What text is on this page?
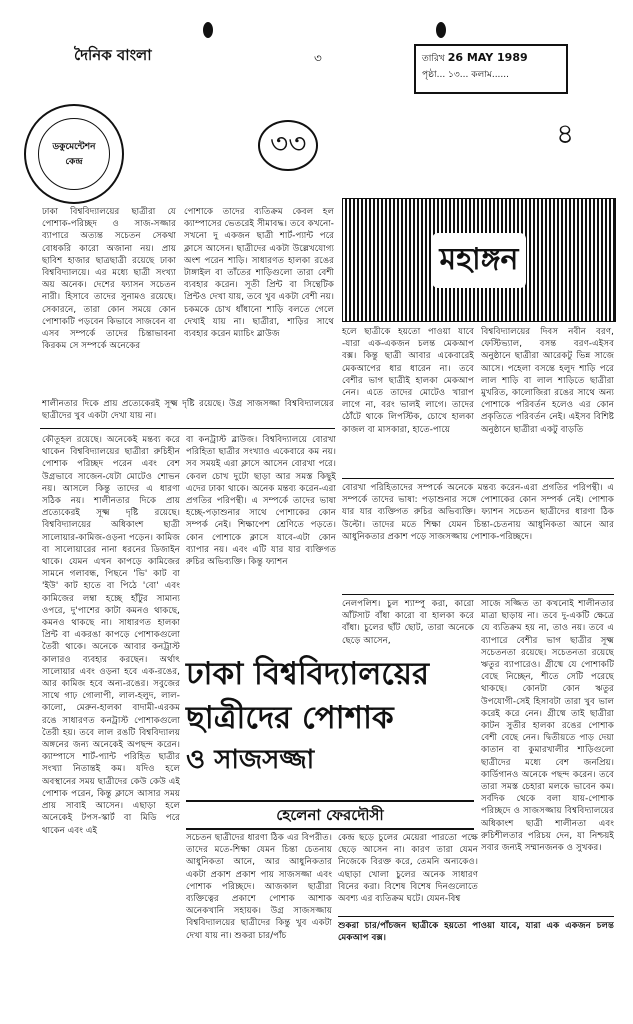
দৈনিক বাংলা	৩	তারিখ 26 MAY 1989
পৃষ্ঠা... ১৩... কলাম......
ডকুমেন্টেশন কেন্দ্র
৩৩	৪
ঢাকা বিশ্ববিদ্যালয়ের ছাত্রীরা যে পোশাক-পরিচ্ছদ ও সাজ-সজ্জার ব্যাপারে অত্যন্ত সচেতন সেকথা বোধকরি কারো অজানা নয়। প্রায় ছাবিশ হাজার ছাত্রছাত্রী রয়েছে ঢাকা বিশ্ববিদ্যালয়ে। এর মধ্যে ছাত্রী সংখ্যা অয় অনেক। দেশের ফ্যাসন সচেতন নারী। হিসাবে তাদের সুনামও রয়েছে। সেকারনে, তারা কোন সময়ে কোন পোশাকটি পড়বেন কিভাবে সাজবেন বা এসব সম্পর্কে তাদের চিন্তাভাবনা কিরকম সে সম্পর্কে অনেকের
পোশাকে তাদের ব্যতিক্রম কেবল হল ক্যাম্পাসের ভেতরেই সীমাবদ্ধ। তবে কখনো-সখনো দু একজন ছাত্রী শার্ট-প্যান্ট পরে ক্লাসে আসেন। ছাত্রীদের একটা উল্লেখযোগ্য অংশ পরেন শাড়ি। সাধারণত হালকা রঙের টাঙ্গাইল বা তাঁতের শাড়িগুলো তারা বেশী ব্যবহার করেন। সূতী প্রিন্ট বা সিন্থেটিক প্রিন্টও দেখা যায়, তবে খুব একটা বেশী নয়। চকমকে চোখ ধাঁধানো শাড়ি বলতে গেলে দেখাই যায় না। ছাত্রীরা, শাড়ির সাথে ব্যবহার করেন ম্যাচিং ব্লাউজ
শালীনতার দিকে প্রায় প্রত্যেকেরই সূক্ষ্ম দৃষ্টি রয়েছে। উগ্র সাজসজ্জা বিশ্ববিদ্যালয়ের ছাত্রীদের খুব একটা দেখা যায় না।
মহাঙ্গন
হলে ছাত্রীকে হয়তো পাওয়া যাবে -যারা এক-একজন চলন্ত মেকআপ বক্স। কিন্তু ছাত্রী আবার একেবারেই মেকআপের ধার ধারেন না। তবে বেশীর ভাগ ছাত্রীই হালকা মেকআপ নেন। এতে তাদের মোটেও খারাপ লাগে না, বরং ভালই লাগে। তাদের ঠোঁটে থাকে লিপস্টিক, চোখে হালকা কাজল বা মাসকারা, হাতে-পায়ে
বিশ্ববিদ্যালয়ের দিবস নবীন বরণ, ফেস্টিভ্যাল, বসন্ত বরণ-এইসব অনুষ্ঠানে ছাত্রীরা আরেকটু ভিন্ন সাজে আসে। পহেলা বসন্তে হলুদ শাড়ি পরে লাল শাড়ি বা লাল শাড়িতে ছাত্রীরা মুখরিত, কালোজিরা রঙের সাথে অন্য পোশাকে পরিবর্তন হলেও এর কোন প্রকৃতিতে পরিবর্তন নেই। এইসব বিশিষ্ট অনুষ্ঠানে ছাত্রীরা একটু বাড়তি
বোরখা পরিহিতাদের সম্পর্কে অনেকে মন্তব্য করেন-এরা প্রগতির পরিপন্থী। এ সম্পর্কে তাদের ভাষা: পড়াশুনার সঙ্গে পোশাকের কোন সম্পর্ক নেই। পোশাক যার যার ব্যক্তিগত রুচির অভিব্যক্তি। ফ্যাশন সচেতন ছাত্রীদের ধারণা ঠিক উল্টো। তাদের মতে শিক্ষা যেমন চিন্তা-চেতনায় আধুনিকতা আনে আর আধুনিকতার প্রকাশ পড়ে সাজসজ্জায় পোশাক-পরিচ্ছদে।
কৌতূহল রয়েছে। অনেকেই মন্তব্য করে থাকেন বিশ্ববিদ্যালয়ের ছাত্রীরা রুচিহীন পোশাক পরিচ্ছদ পরেন এবং বেশ উগ্রভাবে সাজেন-যেটা মোটেও শোভন নয়। আসলে কিন্তু তাদের এ ধারণা সঠিক নয়। শালীনতার দিকে প্রায় প্রত্যেকেরই সূক্ষ্ম দৃষ্টি রয়েছে। বিশ্ববিদ্যালয়ের অধিকাংশ ছাত্রী সালোয়ার-কামিজ-ওড়না পড়েন। কামিজ বা সালোয়ারের নানা ধরনের ডিজাইন থাকে। যেমন এখন কাপড়ে কামিজের সামনে গলাবন্ধ, পিছনে 'ভি' কাট বা 'ইউ' কাট হাতে বা পিঠে 'বো' এবং কামিজের লম্বা হচ্ছে হাঁটুর সামান্য ওপরে, দু'পাশের কাটা কমনও থাকছে, কমনও থাকছে না। সাধারণত হালকা প্রিন্ট বা একরঙা কাপড়ে পোশাকগুলো তৈরী থাকে। অনেকে আবার কনট্রাস্ট কালারও ব্যবহার করছেন। অর্থাৎ সালোয়ার এবং ওড়না হবে এক-রঙের, আর কামিজ হবে অন্য-রঙের। সবুজের সাথে গাঢ় গোলাপী, লাল-হলুদ, লাল-কালো, মেরুন-হালকা বাদামী-এরকম রঙে সাধারণত কনট্রাস্ট পোশাকগুলো তৈরী হয়। তবে লাল রঙটি বিশ্ববিদ্যালয় অঙ্গনের জন্য অনেকেই অপছন্দ করেন। ক্যাম্পাসে শার্ট-প্যান্ট পরিহিত ছাত্রীর সংখ্যা নিতান্তই কম। যদিও হলে অবস্থানের সময় ছাত্রীদের কেউ কেউ এই পোশাক পরেন, কিন্তু ক্লাসে আসার সময় প্রায় সাবাই আসেন। এছাড়া হলে অনেকেই টপস-স্কার্ট বা মিডি পরে থাকেন এবং এই
বা কনট্রাস্ট ব্লাউজ। বিশ্ববিদ্যালয়ে বোরখা পরিহিতা ছাত্রীর সংখ্যাও একেবারে কম নয়। সব সময়ই এরা ক্লাসে আসেন বোরখা পরে। কেবল চোখ দুটো ছাড়া আর সমস্ত কিছুই এদের ঢাকা থাকে। অনেক মন্তব্য করেন-এরা প্রগতির পরিপন্থী। এ সম্পর্কে তাদের ভাষা হচ্ছে-পড়াশুনার সাথে পোশাকের কোন সম্পর্ক নেই। শিক্ষাপেশ শ্রেণিতে পড়তে। কোন পোশাকে ক্লাসে যাবে-এটা কোন ব্যাপার নয়। এবং এটি যার যার ব্যক্তিগত রুচির অভিব্যক্তি। কিন্তু ফ্যাশন
নেলপলিশ। চুল শ্যাম্পু করা, কারো আঁটসাট বাঁধা কারো বা হালকা করে বাঁধা। চুলের ছাঁট ছোট, তারা অনেকে ছেড়ে আসেন,
সাজে সজ্জিত তা কখনোই শালীনতার মাত্রা ছাড়ায় না। তবে দু-একটি ক্ষেত্রে যে ব্যতিক্রম হয় না, তাও নয়। তবে এ ব্যাপারে বেশীর ভাগ ছাত্রীর সূক্ষ্ম সচেতনতা রয়েছে। সচেতনতা রয়েছে ঋতুর ব্যাপারেও। গ্রীষ্মে যে পোশাকটি বেছে নিচ্ছেন, শীতে সেটি পরেছে থাকছে। কোনটা কোন ঋতুর উপযোগী-সেই হিসাবটা তারা খুব ভাল করেই করে নেন। গ্রীষ্মে তাই ছাত্রীরা কাটন সুতীর হালকা রঙের পোশাক বেশী বেছে নেন। দ্বিতীয়তে পাড় দেয়া কাতান বা কুমারখালীর শাড়িগুলো ছাত্রীদের মধ্যে বেশ জনপ্রিয়। কার্ডিগানও অনেকে পছন্দ করেন। তবে তারা সমস্ত চেহারা মলকে ভাবেন কম। সর্বদিক থেকে বলা যায়-পোশাক পরিচ্ছদে ও সাজসজ্জায় বিশ্ববিদ্যালয়ের অধিকাংশ ছাত্রী শালীনতা এবং রুচিশীলতার পরিচয় দেন, যা নিশ্চয়ই সবার জন্যই সম্মানজনক ও সুখকর।
ঢাকা বিশ্ববিদ্যালয়ের
ছাত্রীদের পোশাক
ও সাজসজ্জা
হেলেনা ফেরদৌসী
সচেতন ছাত্রীদের ধারণা ঠিক এর বিপরীত। তাদের মতে-শিক্ষা যেমন চিন্তা চেতনায় আধুনিকতা আনে, আর আধুনিকতার একটা প্রকাশ প্রকাশ পায় সাজসজ্জা এবং পোশাক পরিচ্ছদে। আজকাল ছাত্রীরা ব্যক্তিত্বের প্রকাশে পোশাক আশাক অনেকখানি সহায়ক। উগ্র সাজসজ্জায় বিশ্ববিদ্যালয়ের ছাত্রীদের কিন্তু খুব একটা দেখা যায় না। শুকরা চার/পাঁচ
কেন্দ্র ছড়ে চুলের মেয়েরা পারতো পক্ষে ছেড়ে আসেন না। কারণ তারা যেমন নিজেকে বিরক্ত করে, তেমনি অন্যকেও। এছাড়া খোলা চুলের অনেক সাধারণ বিনের করা। বিশেষ বিশেষ দিনগুলোতে অবশ্য এর ব্যতিক্রম ঘটে। যেমন-বিশ্ব
শুকরা চার/পাঁচজন ছাত্রীকে হয়তো পাওয়া যাবে, যারা এক একজন চলন্ত মেকআপ বক্স।
